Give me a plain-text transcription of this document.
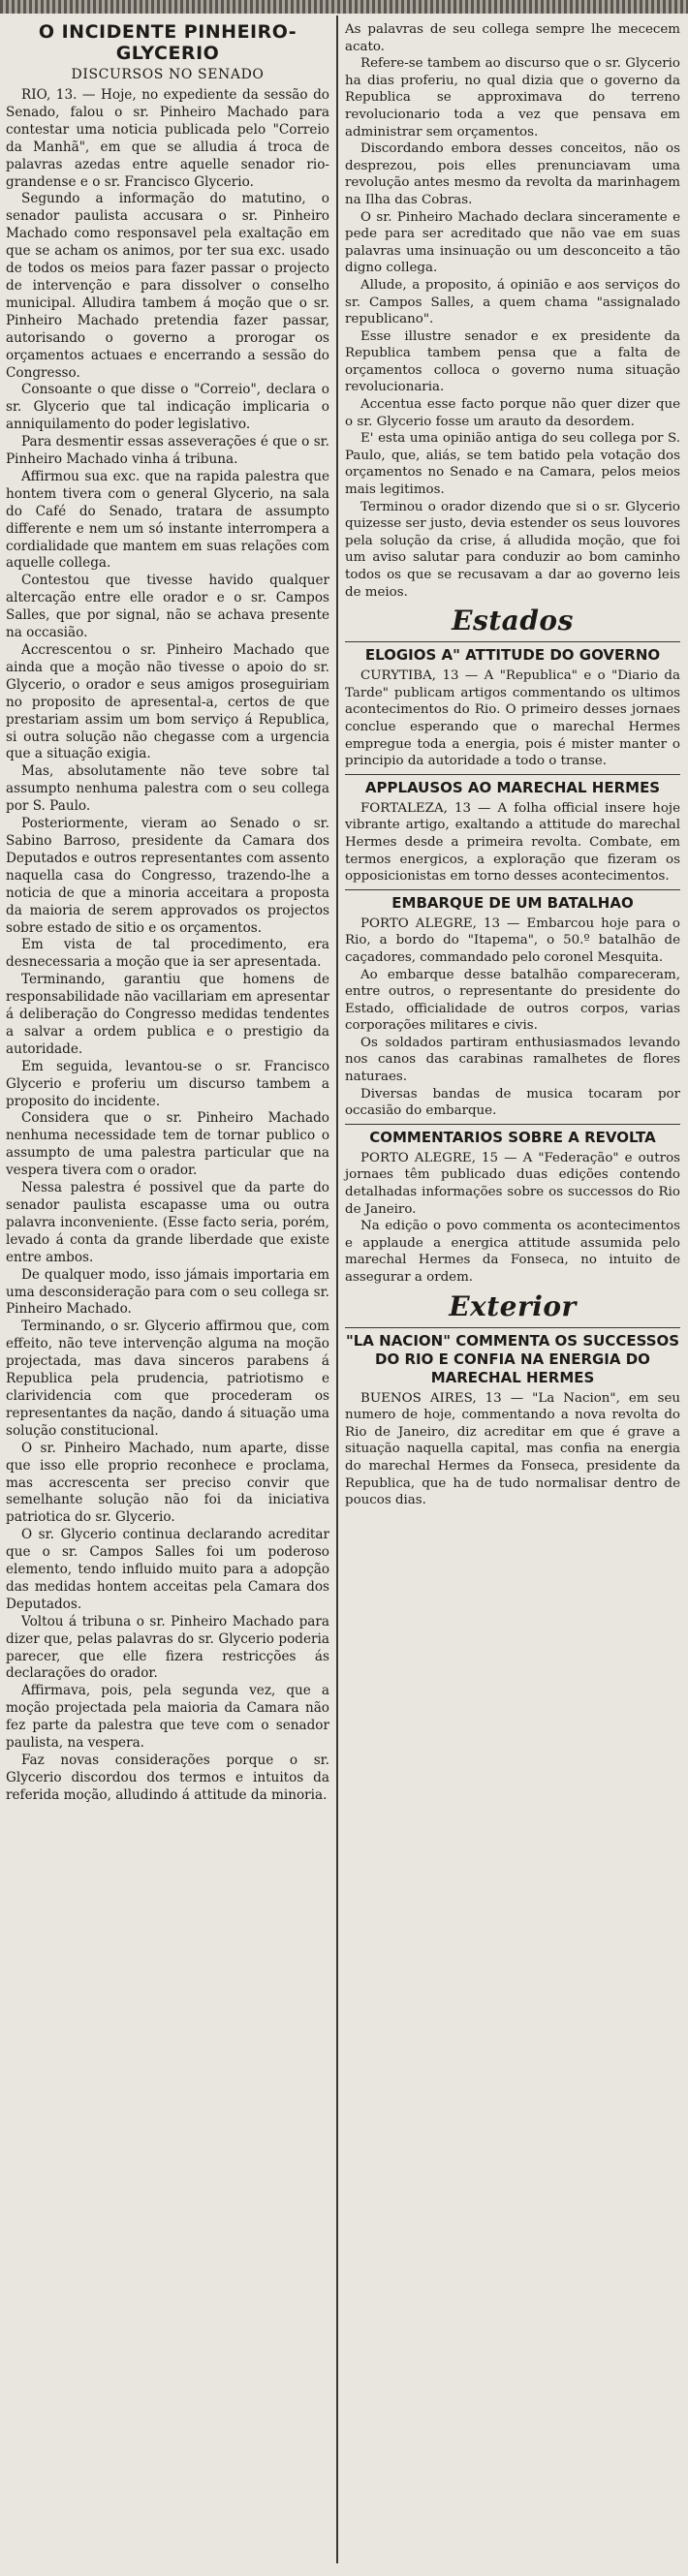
O INCIDENTE PINHEIRO-GLYCERIO
DISCURSOS NO SENADO

RIO, 13. — Hoje, no expediente da sessão do Senado, falou o sr. Pinheiro Machado para contestar uma noticia publicada pelo "Correio da Manhã", em que se alludia á troca de palavras azedas entre aquelle senador rio-grandense e o sr. Francisco Glycerio.

Segundo a informação do matutino, o senador paulista accusara o sr. Pinheiro Machado como responsavel pela exaltação em que se acham os animos, por ter sua exc. usado de todos os meios para fazer passar o projecto de intervenção e para dissolver o conselho municipal. Alludira tambem á moção que o sr. Pinheiro Machado pretendia fazer passar, autorisando o governo a prorogar os orçamentos actuaes e encerrando a sessão do Congresso.

Consoante o que disse o "Correio", declara o sr. Glycerio que tal indicação implicaria o anniquilamento do poder legislativo.

Para desmentir essas asseverações é que o sr. Pinheiro Machado vinha á tribuna.

Affirmou sua exc. que na rapida palestra que hontem tivera com o general Glycerio, na sala do Café do Senado, tratara de assumpto differente e nem um só instante interrompera a cordialidade que mantem em suas relações com aquelle collega.

Contestou que tivesse havido qualquer altercação entre elle orador e o sr. Campos Salles, que por signal, não se achava presente na occasião.

Accrescentou o sr. Pinheiro Machado que ainda que a moção não tivesse o apoio do sr. Glycerio, o orador e seus amigos proseguiriam no proposito de apresental-a, certos de que prestariam assim um bom serviço á Republica, si outra solução não chegasse com a urgencia que a situação exigia.

Mas, absolutamente não teve sobre tal assumpto nenhuma palestra com o seu collega por S. Paulo.

Posteriormente, vieram ao Senado o sr. Sabino Barroso, presidente da Camara dos Deputados e outros representantes com assento naquella casa do Congresso, trazendo-lhe a noticia de que a minoria acceitara a proposta da maioria de serem approvados os projectos sobre estado de sitio e os orçamentos.

Em vista de tal procedimento, era desnecessaria a moção que ia ser apresentada.

Terminando, garantiu que homens de responsabilidade não vacillariam em apresentar á deliberação do Congresso medidas tendentes a salvar a ordem publica e o prestigio da autoridade.

Em seguida, levantou-se o sr. Francisco Glycerio e proferiu um discurso tambem a proposito do incidente.

Considera que o sr. Pinheiro Machado nenhuma necessidade tem de tornar publico o assumpto de uma palestra particular que na vespera tivera com o orador.

Nessa palestra é possivel que da parte do senador paulista escapasse uma ou outra palavra inconveniente. (Esse facto seria, porém, levado á conta da grande liberdade que existe entre ambos.

De qualquer modo, isso jámais importaria em uma desconsideração para com o seu collega sr. Pinheiro Machado.

Terminando, o sr. Glycerio affirmou que, com effeito, não teve intervenção alguma na moção projectada, mas dava sinceros parabens á Republica pela prudencia, patriotismo e clarividencia com que procederam os representantes da nação, dando á situação uma solução constitucional.

O sr. Pinheiro Machado, num aparte, disse que isso elle proprio reconhece e proclama, mas accrescenta ser preciso convir que semelhante solução não foi da iniciativa patriotica do sr. Glycerio.

O sr. Glycerio continua declarando acreditar que o sr. Campos Salles foi um poderoso elemento, tendo influido muito para a adopção das medidas hontem acceitas pela Camara dos Deputados.

Voltou á tribuna o sr. Pinheiro Machado para dizer que, pelas palavras do sr. Glycerio poderia parecer, que elle fizera restricções ás declarações do orador.

Affirmava, pois, pela segunda vez, que a moção projectada pela maioria da Camara não fez parte da palestra que teve com o senador paulista, na vespera.

Faz novas considerações porque o sr. Glycerio discordou dos termos e intuitos da referida moção, alludindo á attitude da minoria.

As palavras de seu collega sempre lhe mececem acato.

Refere-se tambem ao discurso que o sr. Glycerio ha dias proferiu, no qual dizia que o governo da Republica se approximava do terreno revolucionario toda a vez que pensava em administrar sem orçamentos.

Discordando embora desses conceitos, não os desprezou, pois elles prenunciavam uma revolução antes mesmo da revolta da marinhagem na Ilha das Cobras.

O sr. Pinheiro Machado declara sinceramente e pede para ser acreditado que não vae em suas palavras uma insinuação ou um desconceito a tão digno collega.

Allude, a proposito, á opinião e aos serviços do sr. Campos Salles, a quem chama "assignalado republicano".

Esse illustre senador e ex presidente da Republica tambem pensa que a falta de orçamentos colloca o governo numa situação revolucionaria.

Accentua esse facto porque não quer dizer que o sr. Glycerio fosse um arauto da desordem.

E' esta uma opinião antiga do seu collega por S. Paulo, que, aliás, se tem batido pela votação dos orçamentos no Senado e na Camara, pelos meios mais legitimos.

Terminou o orador dizendo que si o sr. Glycerio quizesse ser justo, devia estender os seus louvores pela solução da crise, á alludida moção, que foi um aviso salutar para conduzir ao bom caminho todos os que se recusavam a dar ao governo leis de meios.

Estados
ELOGIOS A" ATTITUDE DO GOVERNO

CURYTIBA, 13 — A "Republica" e o "Diario da Tarde" publicam artigos commentando os ultimos acontecimentos do Rio. O primeiro desses jornaes conclue esperando que o marechal Hermes empregue toda a energia, pois é mister manter o principio da autoridade a todo o transe.

APPLAUSOS AO MARECHAL HERMES

FORTALEZA, 13 — A folha official insere hoje vibrante artigo, exaltando a attitude do marechal Hermes desde a primeira revolta. Combate, em termos energicos, a exploração que fizeram os opposicionistas em torno desses acontecimentos.

EMBARQUE DE UM BATALHAO

PORTO ALEGRE, 13 — Embarcou hoje para o Rio, a bordo do "Itapema", o 50.º batalhão de caçadores, commandado pelo coronel Mesquita.

Ao embarque desse batalhão compareceram, entre outros, o representante do presidente do Estado, officialidade de outros corpos, varias corporações militares e civis.

Os soldados partiram enthusiasmados levando nos canos das carabinas ramalhetes de flores naturaes.

Diversas bandas de musica tocaram por occasião do embarque.

COMMENTARIOS SOBRE A REVOLTA

PORTO ALEGRE, 15 — A "Federação" e outros jornaes têm publicado duas edições contendo detalhadas informações sobre os successos do Rio de Janeiro.

Na edição o povo commenta os acontecimentos e applaude a energica attitude assumida pelo marechal Hermes da Fonseca, no intuito de assegurar a ordem.

Exterior
"LA NACION" COMMENTA OS SUCCESSOS DO RIO E CONFIA NA ENERGIA DO MARECHAL HERMES

BUENOS AIRES, 13 — "La Nacion", em seu numero de hoje, commentando a nova revolta do Rio de Janeiro, diz acreditar em que é grave a situação naquella capital, mas confia na energia do marechal Hermes da Fonseca, presidente da Republica, que ha de tudo normalisar dentro de poucos dias.
